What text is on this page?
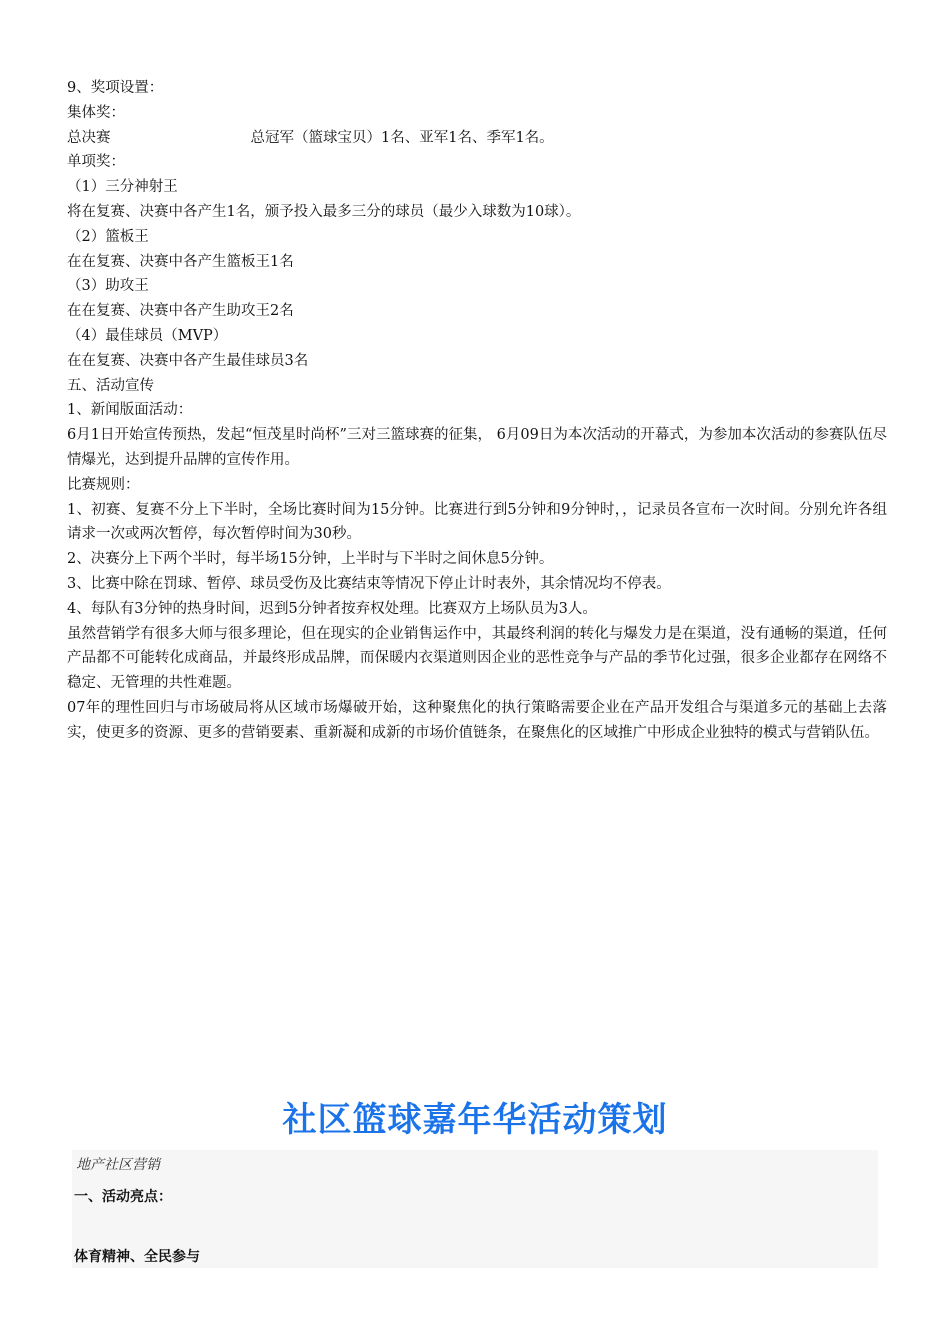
9、奖项设置：
集体奖：
总决赛	总冠军（篮球宝贝）1名、亚军1名、季军1名。
单项奖：
（1）三分神射王
将在复赛、决赛中各产生1名，颁予投入最多三分的球员（最少入球数为10球）。
（2）篮板王
在在复赛、决赛中各产生篮板王1名
（3）助攻王
在在复赛、决赛中各产生助攻王2名
（4）最佳球员（MVP）
在在复赛、决赛中各产生最佳球员3名
五、活动宣传
1、新闻版面活动：
6月1日开始宣传预热，发起“恒茂星时尚杯”三对三篮球赛的征集， 6月09日为本次活动的开幕式，为参加本次活动的参赛队伍尽情爆光，达到提升品牌的宣传作用。
比赛规则：
1、初赛、复赛不分上下半时，全场比赛时间为15分钟。比赛进行到5分钟和9分钟时，，记录员各宣布一次时间。分别允许各组请求一次或两次暂停，每次暂停时间为30秒。
2、决赛分上下两个半时，每半场15分钟，上半时与下半时之间休息5分钟。
3、比赛中除在罚球、暂停、球员受伤及比赛结束等情况下停止计时表外，其余情况均不停表。
4、每队有3分钟的热身时间，迟到5分钟者按弃权处理。比赛双方上场队员为3人。
虽然营销学有很多大师与很多理论，但在现实的企业销售运作中，其最终利润的转化与爆发力是在渠道，没有通畅的渠道，任何产品都不可能转化成商品，并最终形成品牌，而保暖内衣渠道则因企业的恶性竞争与产品的季节化过强，很多企业都存在网络不稳定、无管理的共性难题。
07年的理性回归与市场破局将从区域市场爆破开始，这种聚焦化的执行策略需要企业在产品开发组合与渠道多元的基础上去落实，使更多的资源、更多的营销要素、重新凝和成新的市场价值链条，在聚焦化的区域推广中形成企业独特的模式与营销队伍。
社区篮球嘉年华活动策划
地产社区营销
一、活动亮点：
体育精神、全民参与
